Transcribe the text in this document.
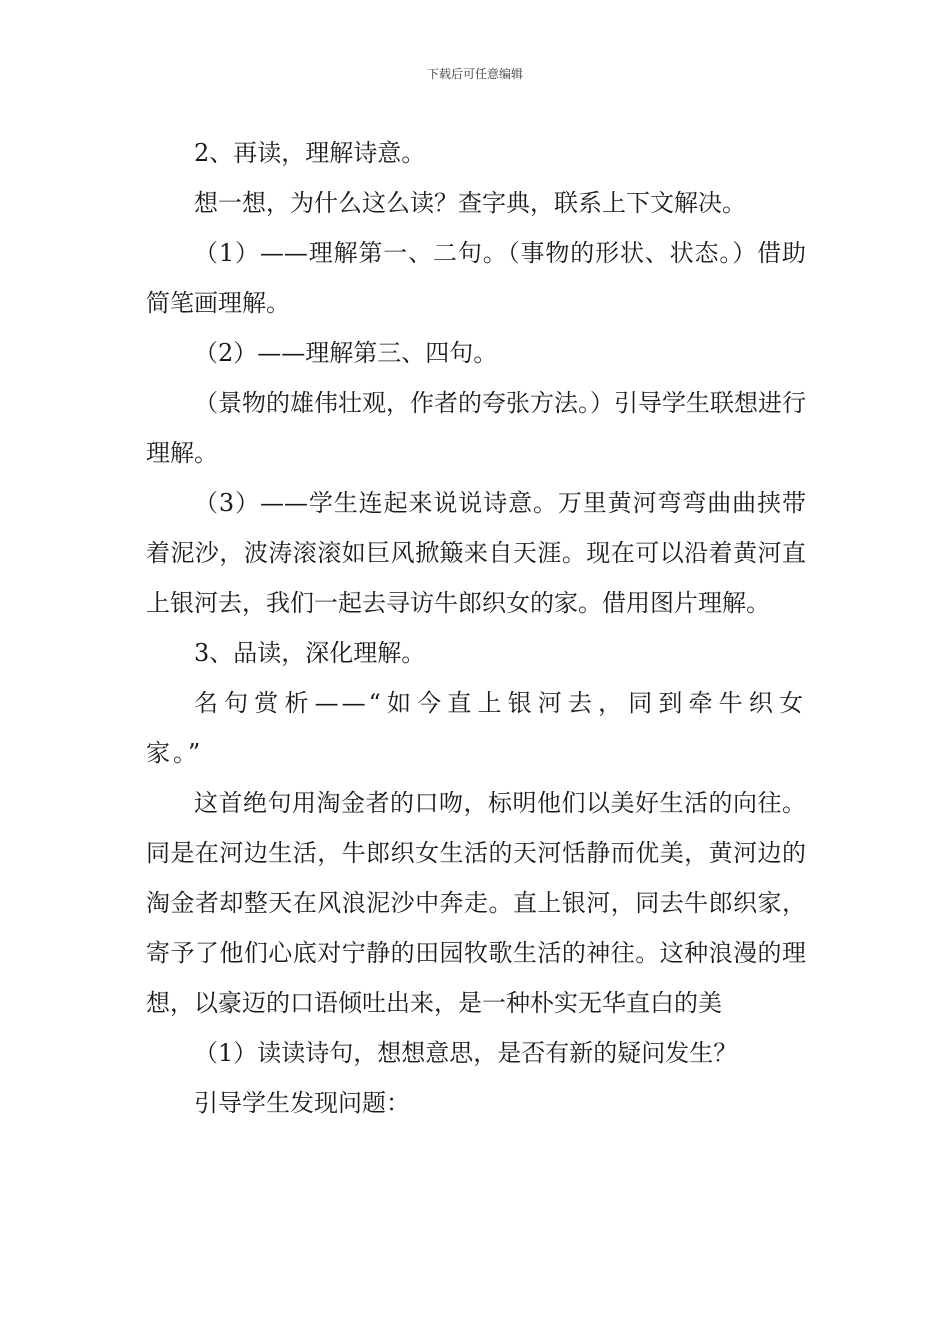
下载后可任意编辑

2、再读，理解诗意。

想一想，为什么这么读？查字典，联系上下文解决。

（1）——理解第一、二句。（事物的形状、状态。）借助简笔画理解。

（2）——理解第三、四句。

（景物的雄伟壮观，作者的夸张方法。）引导学生联想进行理解。

（3）——学生连起来说说诗意。万里黄河弯弯曲曲挟带着泥沙，波涛滚滚如巨风掀簸来自天涯。现在可以沿着黄河直上银河去，我们一起去寻访牛郎织女的家。借用图片理解。

3、品读，深化理解。

名句赏析——“如今直上银河去，同到牵牛织女家。”

这首绝句用淘金者的口吻，标明他们以美好生活的向往。同是在河边生活，牛郎织女生活的天河恬静而优美，黄河边的淘金者却整天在风浪泥沙中奔走。直上银河，同去牛郎织家，寄予了他们心底对宁静的田园牧歌生活的神往。这种浪漫的理想，以豪迈的口语倾吐出来，是一种朴实无华直白的美

（1）读读诗句，想想意思，是否有新的疑问发生？

引导学生发现问题：
